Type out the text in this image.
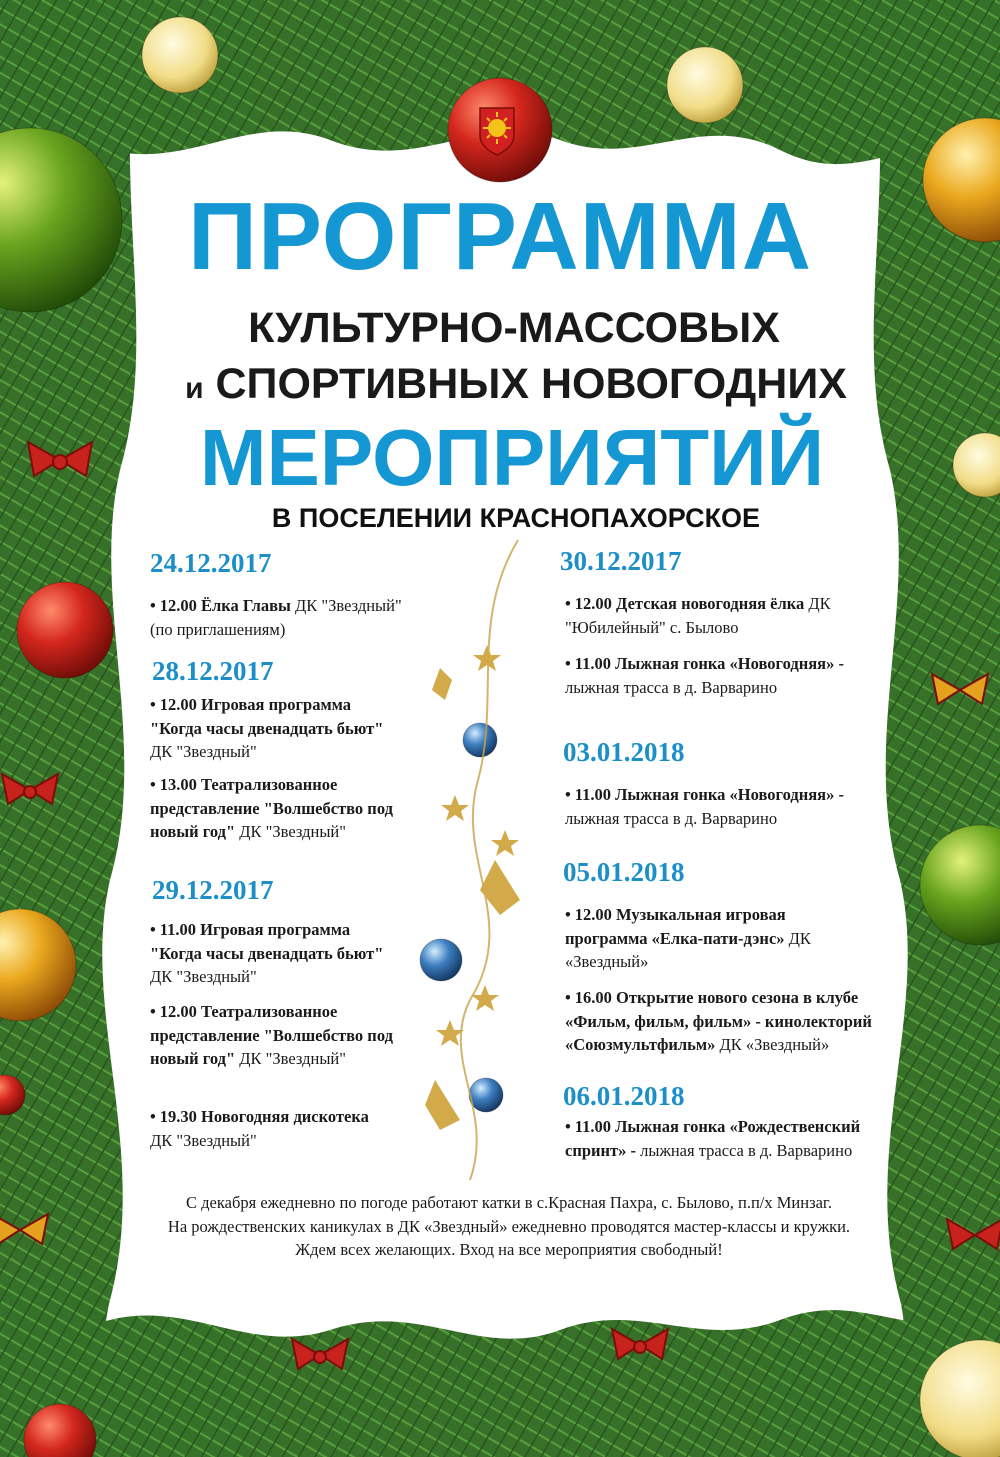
ПРОГРАММА
КУЛЬТУРНО-МАССОВЫХ
и СПОРТИВНЫХ НОВОГОДНИХ
МЕРОПРИЯТИЙ
В ПОСЕЛЕНИИ КРАСНОПАХОРСКОЕ

24.12.2017

• 12.00 Ёлка Главы ДК "Звездный" (по приглашениям)

28.12.2017

• 12.00 Игровая программа "Когда часы двенадцать бьют" ДК "Звездный"

• 13.00 Театрализованное представление "Волшебство под новый год" ДК "Звездный"

29.12.2017

• 11.00 Игровая программа "Когда часы двенадцать бьют" ДК "Звездный"

• 12.00 Театрализованное представление "Волшебство под новый год" ДК "Звездный"

• 19.30 Новогодняя дискотека ДК "Звездный"

30.12.2017

• 12.00 Детская новогодняя ёлка ДК "Юбилейный" с. Былово

• 11.00 Лыжная гонка «Новогодняя» - лыжная трасса в д. Варварино

03.01.2018

• 11.00 Лыжная гонка «Новогодняя» - лыжная трасса в д. Варварино

05.01.2018

• 12.00 Музыкальная игровая программа «Елка-пати-дэнс» ДК «Звездный»

• 16.00 Открытие нового сезона в клубе «Фильм, фильм, фильм» - кинолекторий «Союзмультфильм» ДК «Звездный»

06.01.2018

• 11.00 Лыжная гонка «Рождественский спринт» - лыжная трасса в д. Варварино

С декабря ежедневно по погоде работают катки в с.Красная Пахра, с. Былово, п.п/х Минзаг.

На рождественских каникулах в ДК «Звездный» ежедневно проводятся мастер-классы и кружки.

Ждем всех желающих. Вход на все мероприятия свободный!
